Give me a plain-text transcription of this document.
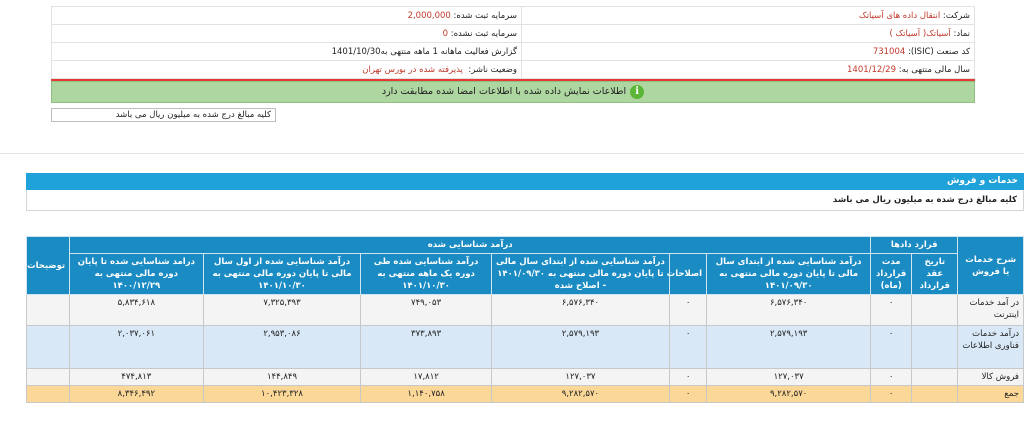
شرکت: انتقال داده های آسیاتک	سرمایه ثبت شده: 2,000,000
نماد: آسیاتک( آسیاتک )	سرمایه ثبت نشده: 0
کد صنعت (ISIC): 731004	گزارش فعالیت ماهانه 1 ماهه منتهی به1401/10/30
سال مالی منتهی به: 1401/12/29	وضعیت ناشر:  پذیرفته شده در بورس تهران
iاطلاعات نمایش داده شده با اطلاعات امضا شده مطابقت دارد
کلیه مبالغ درج شده به میلیون ریال می باشد
خدمات و فروش
کلیه مبالغ درج شده به میلیون ریال می باشد
شرح خدمات یا فروش	قرارد دادها		درآمد شناسایی شده						توضیحات
	تاریخ عقد قرارداد	مدت قرارداد (ماه)	درآمد شناسایی شده از ابتدای سال مالی تا پایان دوره مالی منتهی به ۱۴۰۱/۰۹/۳۰	اصلاحات	درآمد شناسایی شده از ابتدای سال مالی تا پایان دوره مالی منتهی به ۱۴۰۱/۰۹/۳۰ - اصلاح شده	درآمد شناسایی شده طی دوره یک ماهه منتهی به ۱۴۰۱/۱۰/۳۰	درآمد شناسایی شده از اول سال مالی تا پایان دوره مالی منتهی به ۱۴۰۱/۱۰/۳۰	درامد شناسایی شده تا پایان دوره مالی منتهی به ۱۴۰۰/۱۲/۲۹	
در آمد خدمات اینترنت		۰	۶,۵۷۶,۳۴۰	۰	۶,۵۷۶,۳۴۰	۷۴۹,۰۵۳	۷,۳۲۵,۳۹۳	۵,۸۳۴,۶۱۸	
درآمد خدمات فناوری اطلاعات		۰	۲,۵۷۹,۱۹۳	۰	۲,۵۷۹,۱۹۳	۳۷۳,۸۹۳	۲,۹۵۳,۰۸۶	۲,۰۳۷,۰۶۱	
فروش کالا		۰	۱۲۷,۰۳۷	۰	۱۲۷,۰۳۷	۱۷,۸۱۲	۱۴۴,۸۴۹	۴۷۴,۸۱۳	
جمع		۰	۹,۲۸۲,۵۷۰	۰	۹,۲۸۲,۵۷۰	۱,۱۴۰,۷۵۸	۱۰,۴۲۳,۳۲۸	۸,۳۴۶,۴۹۲	
